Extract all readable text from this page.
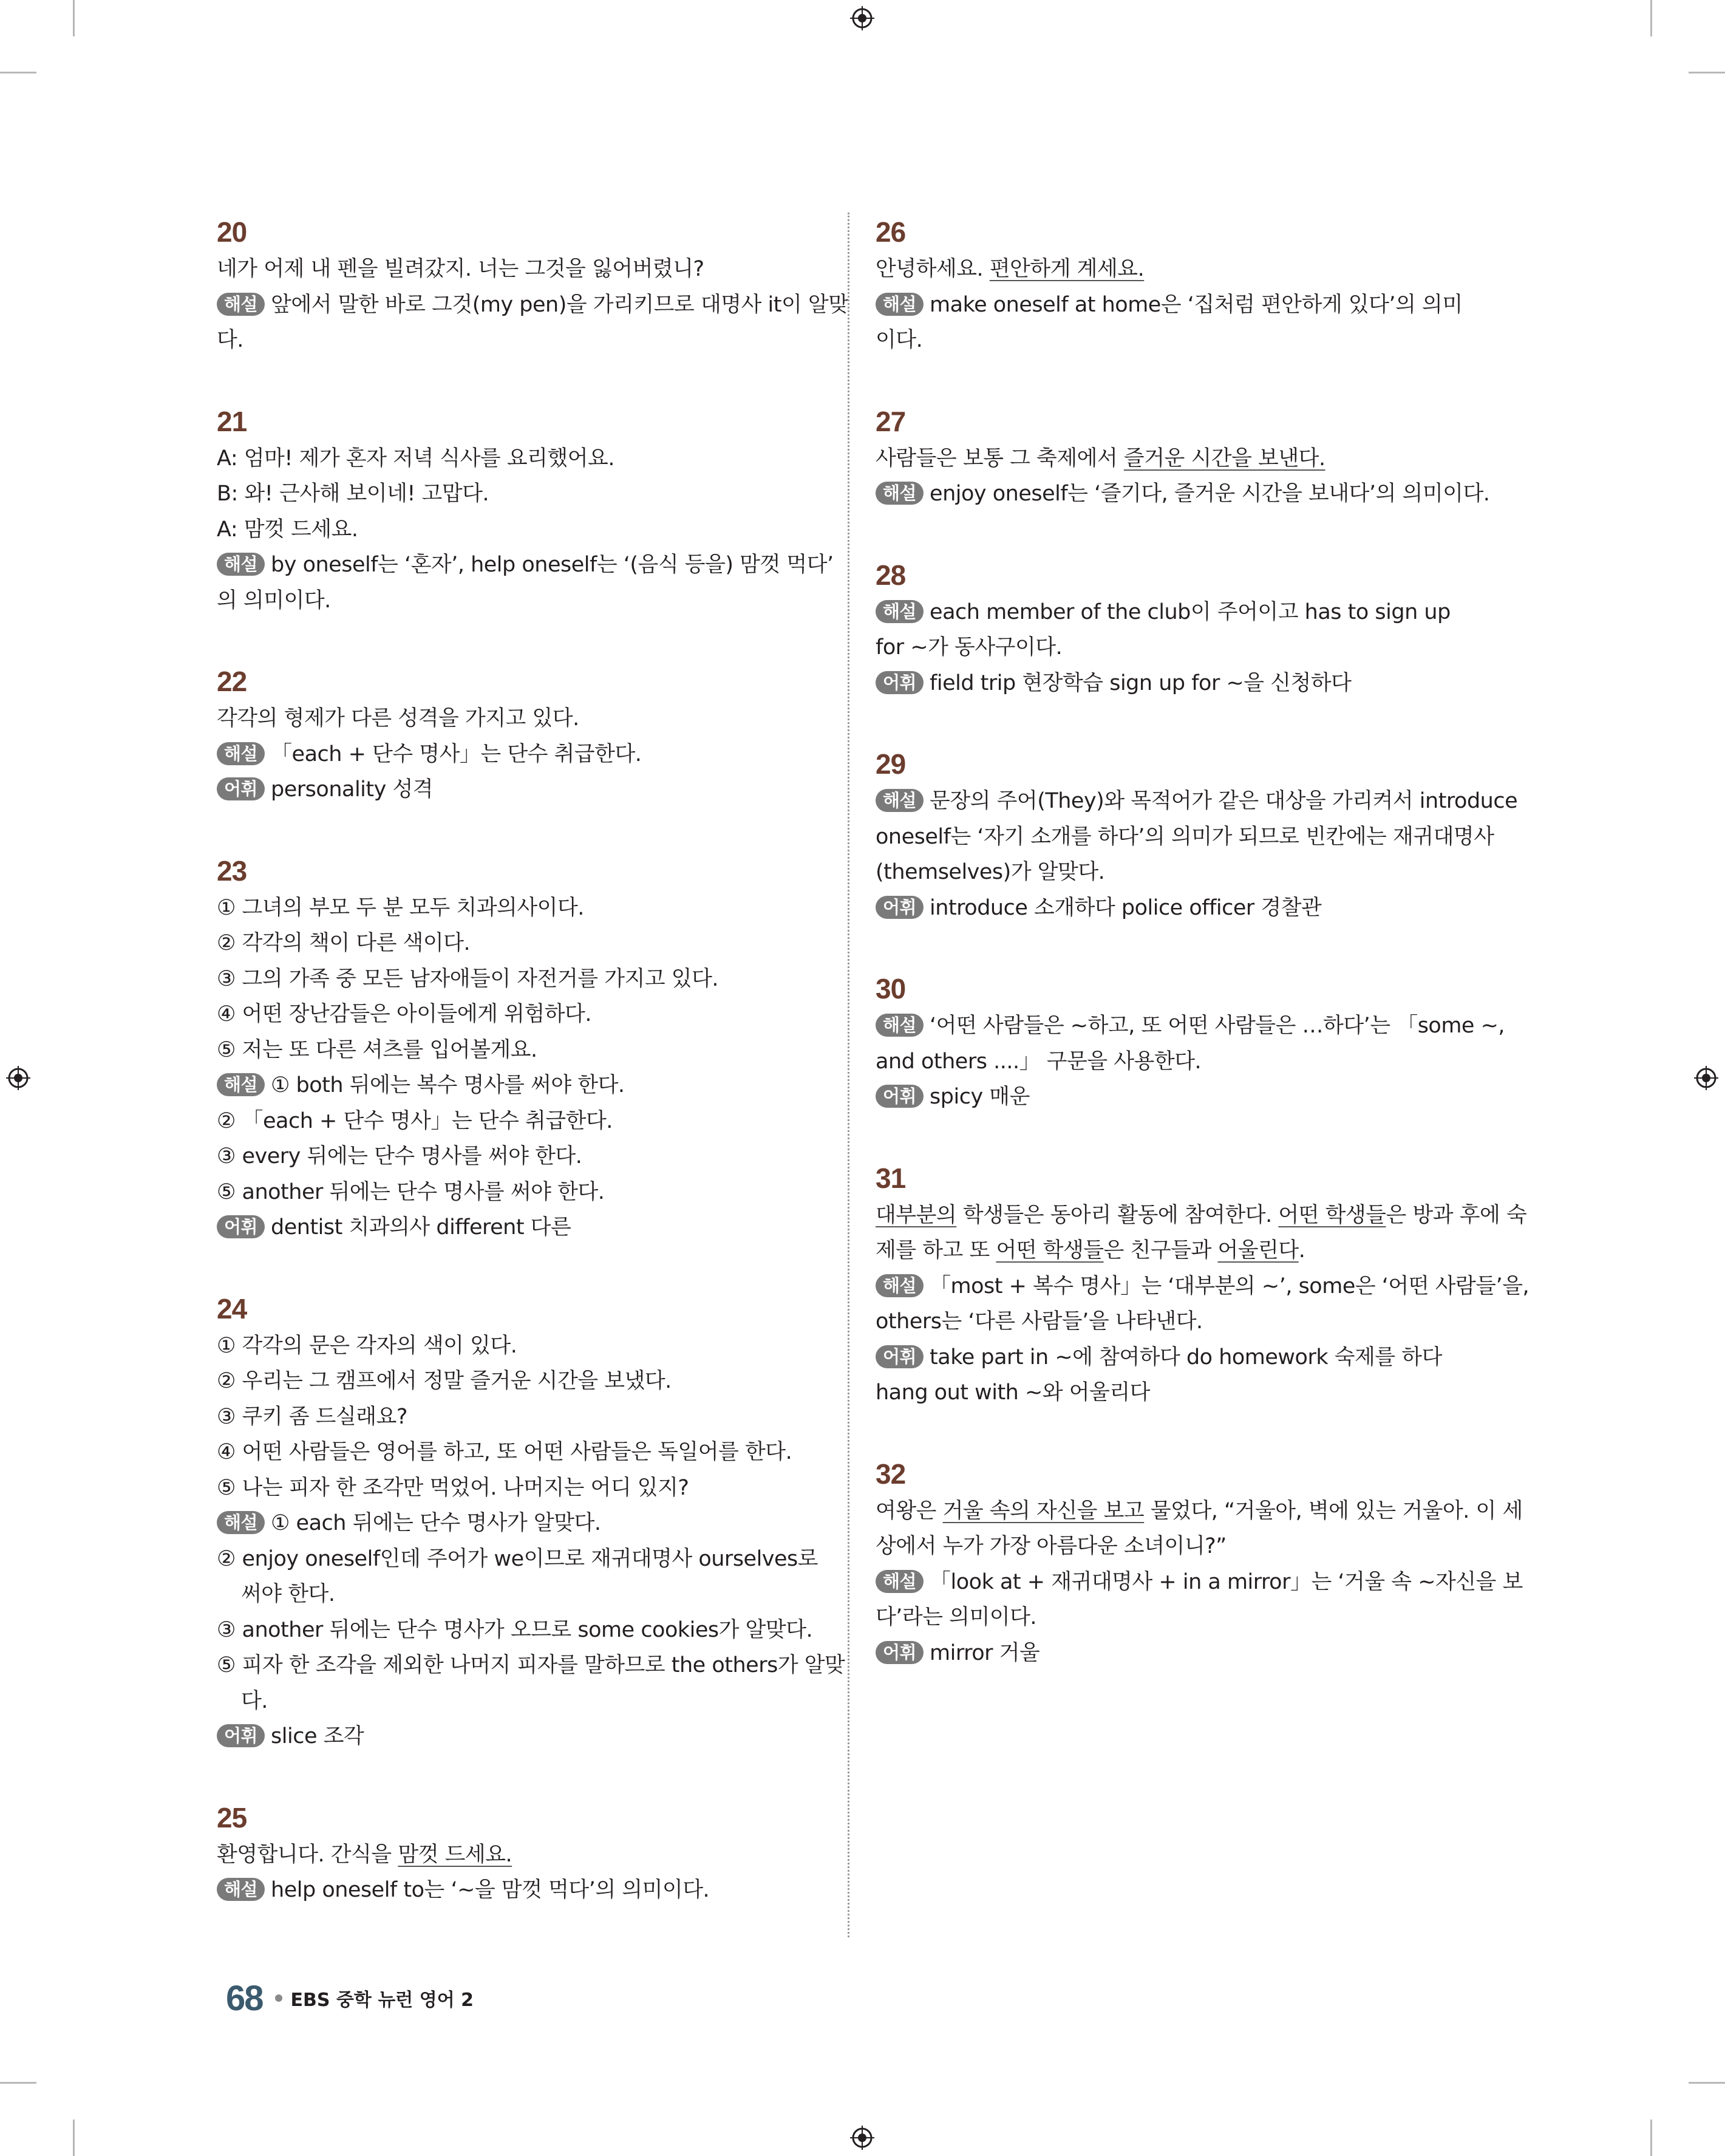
20
네가 어제 내 펜을 빌려갔지. 너는 그것을 잃어버렸니?
해설 앞에서 말한 바로 그것(my pen)을 가리키므로 대명사 it이 알맞
다.
21
A: 엄마! 제가 혼자 저녁 식사를 요리했어요.
B: 와! 근사해 보이네! 고맙다.
A: 맘껏 드세요.
해설 by oneself는 ‘혼자’, help oneself는 ‘(음식 등을) 맘껏 먹다’
의 의미이다.
22
각각의 형제가 다른 성격을 가지고 있다.
해설 「each + 단수 명사」는 단수 취급한다.
어휘 personality 성격
23
① 그녀의 부모 두 분 모두 치과의사이다.
② 각각의 책이 다른 색이다.
③ 그의 가족 중 모든 남자애들이 자전거를 가지고 있다.
④ 어떤 장난감들은 아이들에게 위험하다.
⑤ 저는 또 다른 셔츠를 입어볼게요.
해설 ① both 뒤에는 복수 명사를 써야 한다.
② 「each + 단수 명사」는 단수 취급한다.
③ every 뒤에는 단수 명사를 써야 한다.
⑤ another 뒤에는 단수 명사를 써야 한다.
어휘 dentist 치과의사 different 다른
24
① 각각의 문은 각자의 색이 있다.
② 우리는 그 캠프에서 정말 즐거운 시간을 보냈다.
③ 쿠키 좀 드실래요?
④ 어떤 사람들은 영어를 하고, 또 어떤 사람들은 독일어를 한다.
⑤ 나는 피자 한 조각만 먹었어. 나머지는 어디 있지?
해설 ① each 뒤에는 단수 명사가 알맞다.
② enjoy oneself인데 주어가 we이므로 재귀대명사 ourselves로
써야 한다.
③ another 뒤에는 단수 명사가 오므로 some cookies가 알맞다.
⑤ 피자 한 조각을 제외한 나머지 피자를 말하므로 the others가 알맞
다.
어휘 slice 조각
25
환영합니다. 간식을 맘껏 드세요.
해설 help oneself to는 ‘~을 맘껏 먹다’의 의미이다.
26
안녕하세요. 편안하게 계세요.
해설 make oneself at home은 ‘집처럼 편안하게 있다’의 의미
이다.
27
사람들은 보통 그 축제에서 즐거운 시간을 보낸다.
해설 enjoy oneself는 ‘즐기다, 즐거운 시간을 보내다’의 의미이다.
28
해설 each member of the club이 주어이고 has to sign up
for ~가 동사구이다.
어휘 field trip 현장학습 sign up for ~을 신청하다
29
해설 문장의 주어(They)와 목적어가 같은 대상을 가리켜서 introduce
oneself는 ‘자기 소개를 하다’의 의미가 되므로 빈칸에는 재귀대명사
(themselves)가 알맞다.
어휘 introduce 소개하다 police officer 경찰관
30
해설 ‘어떤 사람들은 ~하고, 또 어떤 사람들은 …하다’는 「some ~,
and others ....」 구문을 사용한다.
어휘 spicy 매운
31
대부분의 학생들은 동아리 활동에 참여한다. 어떤 학생들은 방과 후에 숙
제를 하고 또 어떤 학생들은 친구들과 어울린다.
해설 「most + 복수 명사」는 ‘대부분의 ~’, some은 ‘어떤 사람들’을,
others는 ‘다른 사람들’을 나타낸다.
어휘 take part in ~에 참여하다 do homework 숙제를 하다
hang out with ~와 어울리다
32
여왕은 거울 속의 자신을 보고 물었다, “거울아, 벽에 있는 거울아. 이 세
상에서 누가 가장 아름다운 소녀이니?”
해설 「look at + 재귀대명사 + in a mirror」는 ‘거울 속 ~자신을 보
다’라는 의미이다.
어휘 mirror 거울
68 EBS 중학 뉴런 영어 2
